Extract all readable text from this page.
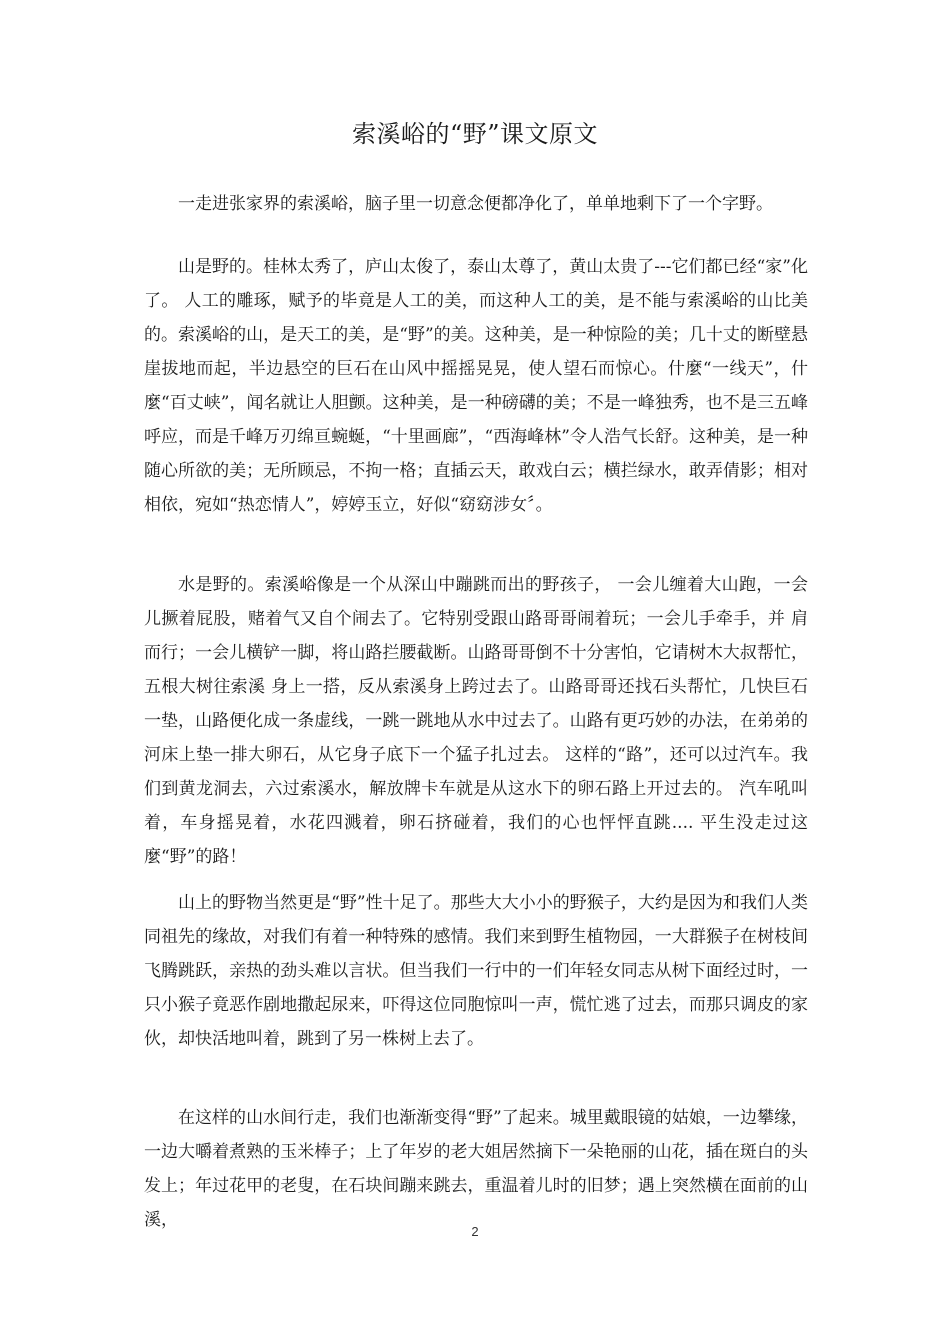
索溪峪的“野”课文原文

一走进张家界的索溪峪，脑子里一切意念便都净化了，单单地剩下了一个字野。

山是野的。桂林太秀了，庐山太俊了，泰山太尊了，黄山太贵了---它们都已经“家”化了。 人工的雕琢，赋予的毕竟是人工的美，而这种人工的美，是不能与索溪峪的山比美的。索溪峪的山，是天工的美，是“野”的美。这种美，是一种惊险的美；几十丈的断壁悬崖拔地而起，半边悬空的巨石在山风中摇摇晃晃，使人望石而惊心。什麼“一线天”，什麼“百丈峡”，闻名就让人胆颤。这种美，是一种磅礴的美；不是一峰独秀，也不是三五峰呼应，而是千峰万刃绵亘蜿蜒，“十里画廊”，“西海峰林”令人浩气长舒。这种美，是一种随心所欲的美；无所顾忌，不拘一格；直插云天，敢戏白云；横拦绿水，敢弄倩影；相对相依，宛如“热恋情人”，婷婷玉立，好似“窈窈涉女〞。

水是野的。索溪峪像是一个从深山中蹦跳而出的野孩子， 一会儿缠着大山跑，一会儿撅着屁股，赌着气又自个闹去了。它特别受跟山路哥哥闹着玩；一会儿手牵手，并 肩而行；一会儿横铲一脚，将山路拦腰截断。山路哥哥倒不十分害怕，它请树木大叔帮忙，五根大树往索溪 身上一搭，反从索溪身上跨过去了。山路哥哥还找石头帮忙，几快巨石一垫，山路便化成一条虚线，一跳一跳地从水中过去了。山路有更巧妙的办法，在弟弟的河床上垫一排大卵石，从它身子底下一个猛子扎过去。 这样的“路”，还可以过汽车。我们到黄龙洞去，六过索溪水，解放牌卡车就是从这水下的卵石路上开过去的。 汽车吼叫着，车身摇晃着，水花四溅着，卵石挤碰着，我们的心也怦怦直跳.... 平生没走过这麼“野”的路！

山上的野物当然更是“野”性十足了。那些大大小小的野猴子，大约是因为和我们人类同祖先的缘故，对我们有着一种特殊的感情。我们来到野生植物园，一大群猴子在树枝间飞腾跳跃，亲热的劲头难以言状。但当我们一行中的一们年轻女同志从树下面经过时，一只小猴子竟恶作剧地撒起尿来，吓得这位同胞惊叫一声，慌忙逃了过去，而那只调皮的家伙，却快活地叫着，跳到了另一株树上去了。

在这样的山水间行走，我们也渐渐变得“野”了起来。城里戴眼镜的姑娘，一边攀缘，一边大嚼着煮熟的玉米棒子；上了年岁的老大姐居然摘下一朵艳丽的山花，插在斑白的头发上；年过花甲的老叟，在石块间蹦来跳去，重温着儿时的旧梦；遇上突然横在面前的山溪，

2
